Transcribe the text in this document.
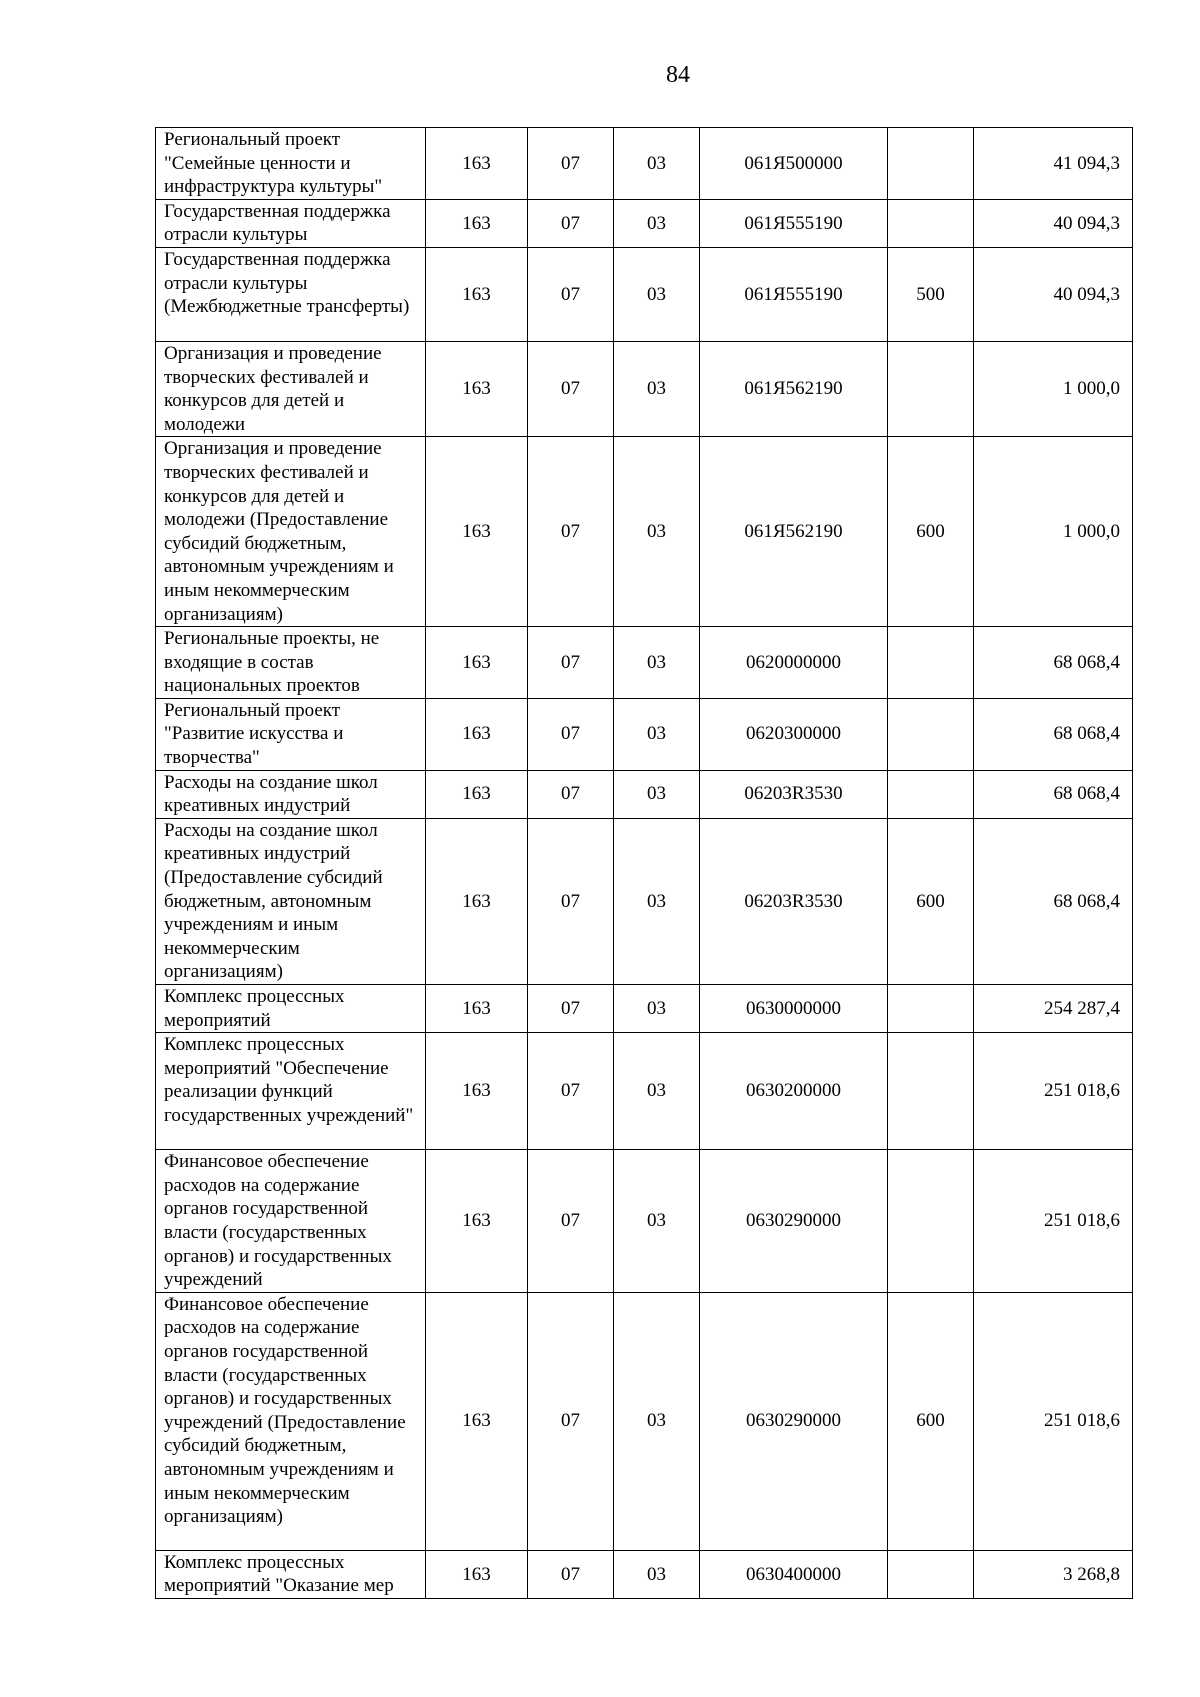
84
Региональный проект "Семейные ценности и инфраструктура культуры"	163	07	03	061Я500000		41 094,3
Государственная поддержка отрасли культуры	163	07	03	061Я555190		40 094,3
Государственная поддержка отрасли культуры (Межбюджетные трансферты)	163	07	03	061Я555190	500	40 094,3
Организация и проведение творческих фестивалей и конкурсов для детей и молодежи	163	07	03	061Я562190		1 000,0
Организация и проведение творческих фестивалей и конкурсов для детей и молодежи (Предоставление субсидий бюджетным, автономным учреждениям и иным некоммерческим организациям)	163	07	03	061Я562190	600	1 000,0
Региональные проекты, не входящие в состав национальных проектов	163	07	03	0620000000		68 068,4
Региональный проект "Развитие искусства и творчества"	163	07	03	0620300000		68 068,4
Расходы на создание школ креативных индустрий	163	07	03	06203R3530		68 068,4
Расходы на создание школ креативных индустрий (Предоставление субсидий бюджетным, автономным учреждениям и иным некоммерческим организациям)	163	07	03	06203R3530	600	68 068,4
Комплекс процессных мероприятий	163	07	03	0630000000		254 287,4
Комплекс процессных мероприятий "Обеспечение реализации функций государственных учреждений"	163	07	03	0630200000		251 018,6
Финансовое обеспечение расходов на содержание органов государственной власти (государственных органов) и государственных учреждений	163	07	03	0630290000		251 018,6
Финансовое обеспечение расходов на содержание органов государственной власти (государственных органов) и государственных учреждений (Предоставление субсидий бюджетным, автономным учреждениям и иным некоммерческим организациям)	163	07	03	0630290000	600	251 018,6
Комплекс процессных мероприятий "Оказание мер	163	07	03	0630400000		3 268,8
